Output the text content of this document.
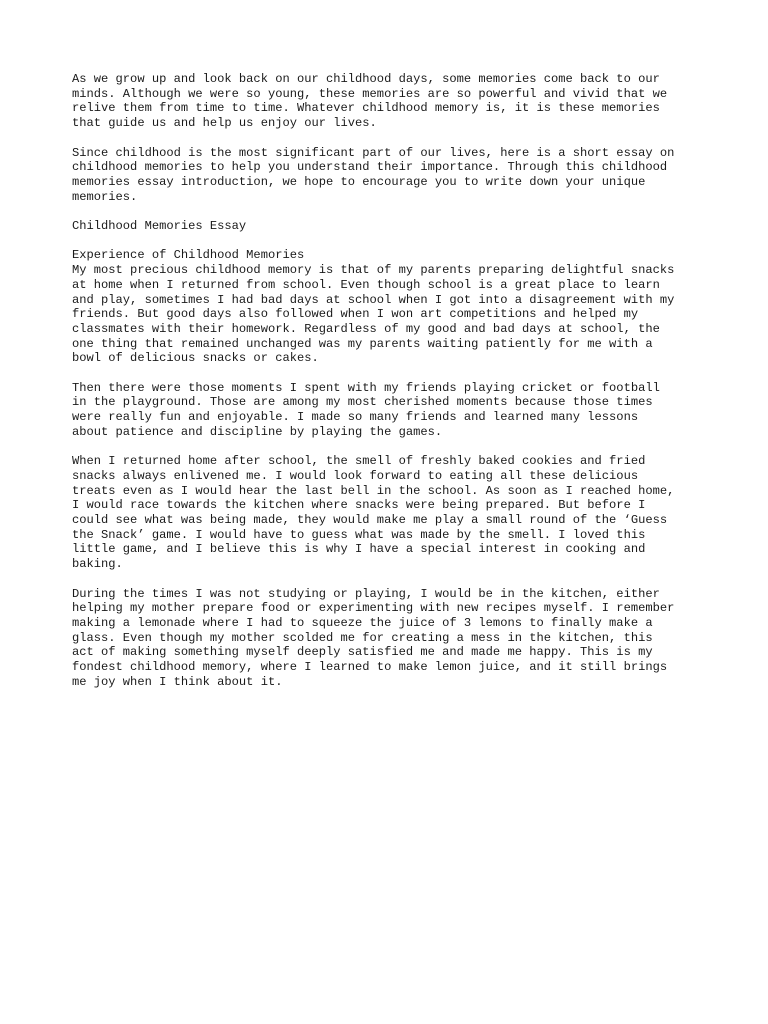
As we grow up and look back on our childhood days, some memories come back to our
minds. Although we were so young, these memories are so powerful and vivid that we
relive them from time to time. Whatever childhood memory is, it is these memories
that guide us and help us enjoy our lives.

Since childhood is the most significant part of our lives, here is a short essay on
childhood memories to help you understand their importance. Through this childhood
memories essay introduction, we hope to encourage you to write down your unique
memories.

Childhood Memories Essay

Experience of Childhood Memories

My most precious childhood memory is that of my parents preparing delightful snacks
at home when I returned from school. Even though school is a great place to learn
and play, sometimes I had bad days at school when I got into a disagreement with my
friends. But good days also followed when I won art competitions and helped my
classmates with their homework. Regardless of my good and bad days at school, the
one thing that remained unchanged was my parents waiting patiently for me with a
bowl of delicious snacks or cakes.

Then there were those moments I spent with my friends playing cricket or football
in the playground. Those are among my most cherished moments because those times
were really fun and enjoyable. I made so many friends and learned many lessons
about patience and discipline by playing the games.

When I returned home after school, the smell of freshly baked cookies and fried
snacks always enlivened me. I would look forward to eating all these delicious
treats even as I would hear the last bell in the school. As soon as I reached home,
I would race towards the kitchen where snacks were being prepared. But before I
could see what was being made, they would make me play a small round of the ‘Guess
the Snack’ game. I would have to guess what was made by the smell. I loved this
little game, and I believe this is why I have a special interest in cooking and
baking.

During the times I was not studying or playing, I would be in the kitchen, either
helping my mother prepare food or experimenting with new recipes myself. I remember
making a lemonade where I had to squeeze the juice of 3 lemons to finally make a
glass. Even though my mother scolded me for creating a mess in the kitchen, this
act of making something myself deeply satisfied me and made me happy. This is my
fondest childhood memory, where I learned to make lemon juice, and it still brings
me joy when I think about it.
